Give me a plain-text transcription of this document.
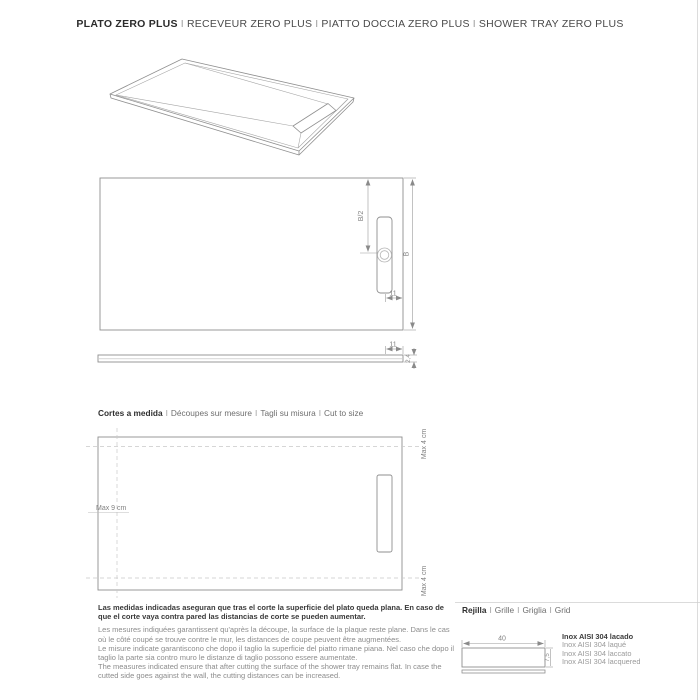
PLATO ZERO PLUS I RECEVEUR ZERO PLUS I PIATTO DOCCIA ZERO PLUS I SHOWER TRAY ZERO PLUS
B/2
B
11
11
2,4
Max 4 cm
Max 4 cm
Max 9 cm
40
7,5
Cortes a medida I Découpes sur mesure I Tagli su misura I Cut to size

Las medidas indicadas aseguran que tras el corte la superficie del plato queda plana. En caso de que el corte vaya contra pared las distancias de corte se pueden aumentar.

Les mesures indiquées garantissent qu'après la découpe, la surface de la plaque reste plane. Dans le cas où le côté coupé se trouve contre le mur, les distances de coupe peuvent être augmentées.

Le misure indicate garantiscono che dopo il taglio la superficie del piatto rimane piana. Nel caso che dopo il taglio la parte sia contro muro le distanze di taglio possono essere aumentate.

The measures indicated ensure that after cutting the surface of the shower tray remains flat. In case the cutted side goes against the wall, the cutting distances can be increased.

Rejilla I Grille I Griglia I Grid
Inox AISI 304 lacado
Inox AISI 304 laqué
Inox AISI 304 laccato
Inox AISI 304 lacquered
